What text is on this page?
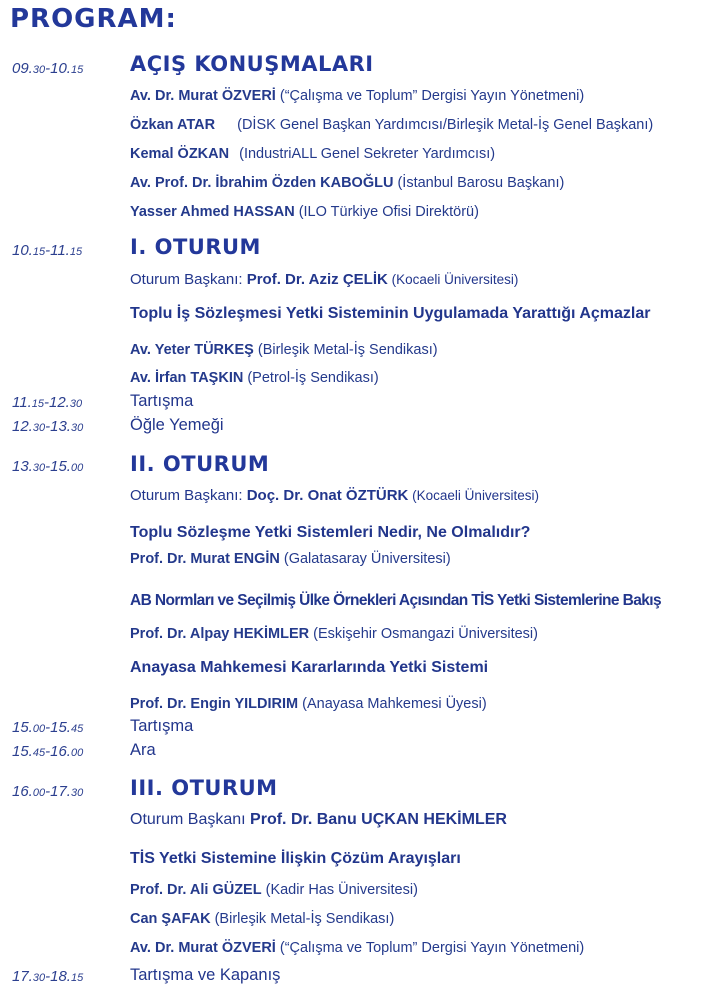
PROGRAM:
09.30-10.15
10.15-11.15
11.15-12.30
12.30-13.30
13.30-15.00
15.00-15.45
15.45-16.00
16.00-17.30
17.30-18.15
AÇIŞ KONUŞMALARI
Av. Dr. Murat ÖZVERİ (“Çalışma ve Toplum” Dergisi Yayın Yönetmeni)
Özkan ATAR (DİSK Genel Başkan Yardımcısı/Birleşik Metal-İş Genel Başkanı)
Kemal ÖZKAN (IndustriALL Genel Sekreter Yardımcısı)
Av. Prof. Dr. İbrahim Özden KABOĞLU (İstanbul Barosu Başkanı)
Yasser Ahmed HASSAN (ILO Türkiye Ofisi Direktörü)
I. OTURUM
Oturum Başkanı: Prof. Dr. Aziz ÇELİK (Kocaeli Üniversitesi)
Toplu İş Sözleşmesi Yetki Sisteminin Uygulamada Yarattığı Açmazlar
Av. Yeter TÜRKEŞ (Birleşik Metal-İş Sendikası)
Av. İrfan TAŞKIN (Petrol-İş Sendikası)
Tartışma
Öğle Yemeği
II. OTURUM
Oturum Başkanı: Doç. Dr. Onat ÖZTÜRK (Kocaeli Üniversitesi)
Toplu Sözleşme Yetki Sistemleri Nedir, Ne Olmalıdır?
Prof. Dr. Murat ENGİN (Galatasaray Üniversitesi)
AB Normları ve Seçilmiş Ülke Örnekleri Açısından TİS Yetki Sistemlerine Bakış
Prof. Dr. Alpay HEKİMLER (Eskişehir Osmangazi Üniversitesi)
Anayasa Mahkemesi Kararlarında Yetki Sistemi
Prof. Dr. Engin YILDIRIM (Anayasa Mahkemesi Üyesi)
Tartışma
Ara
III. OTURUM
Oturum Başkanı Prof. Dr. Banu UÇKAN HEKİMLER
TİS Yetki Sistemine İlişkin Çözüm Arayışları
Prof. Dr. Ali GÜZEL (Kadir Has Üniversitesi)
Can ŞAFAK (Birleşik Metal-İş Sendikası)
Av. Dr. Murat ÖZVERİ (“Çalışma ve Toplum” Dergisi Yayın Yönetmeni)
Tartışma ve Kapanış
